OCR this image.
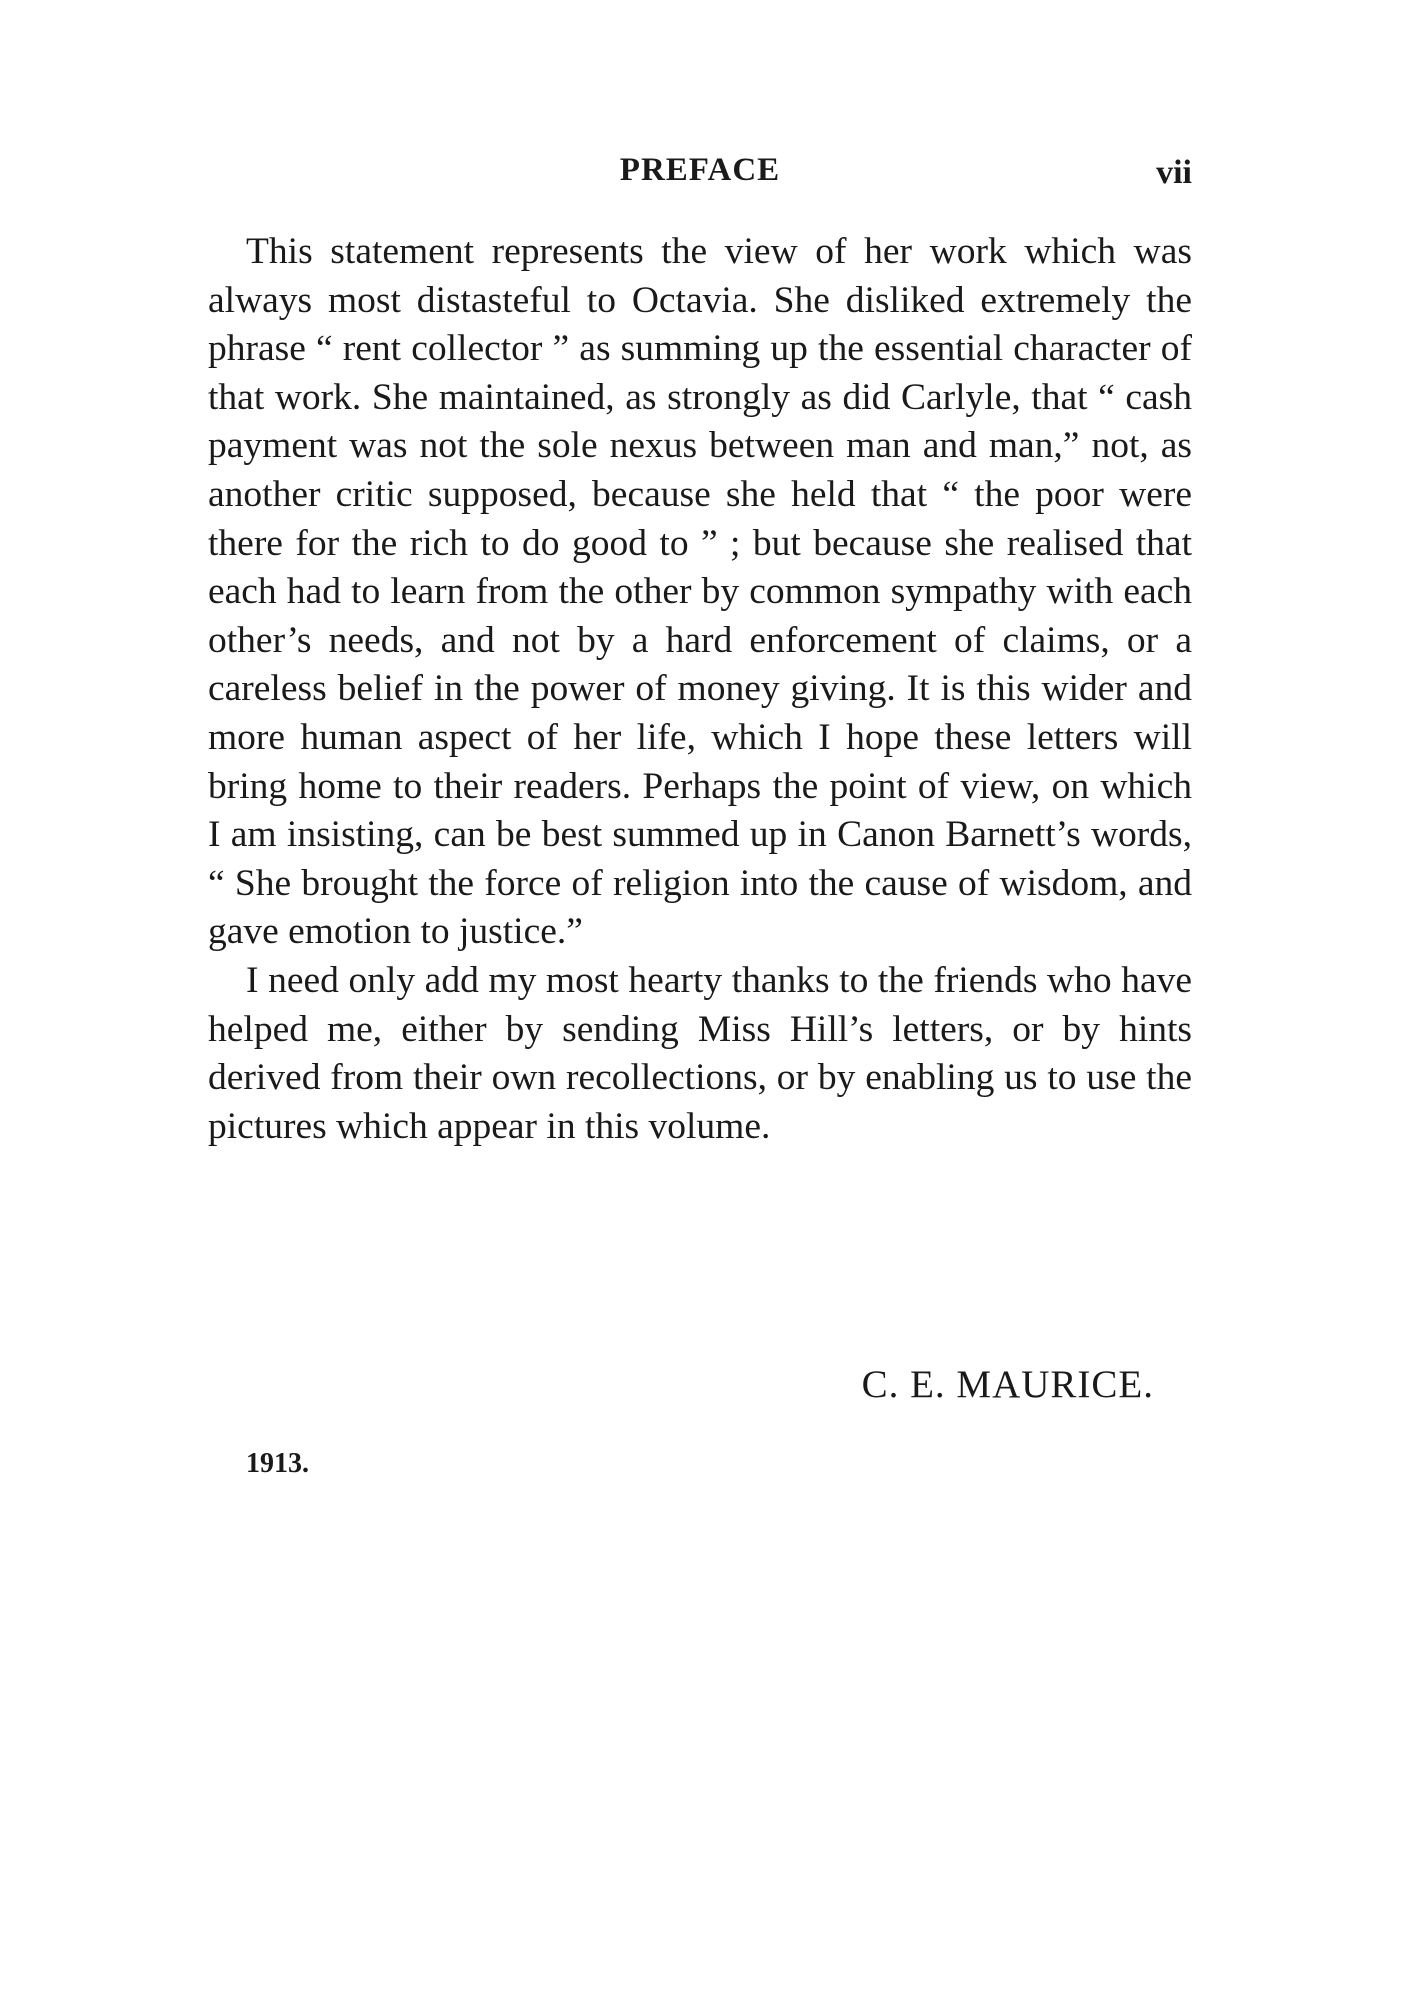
PREFACE	vii

This statement represents the view of her work which was always most distasteful to Octavia. She disliked extremely the phrase “ rent collector ” as summing up the essential character of that work. She maintained, as strongly as did Carlyle, that “ cash payment was not the sole nexus between man and man,” not, as another critic supposed, because she held that “ the poor were there for the rich to do good to ” ; but because she realised that each had to learn from the other by common sympathy with each other’s needs, and not by a hard enforcement of claims, or a careless belief in the power of money giving. It is this wider and more human aspect of her life, which I hope these letters will bring home to their readers. Perhaps the point of view, on which I am insisting, can be best summed up in Canon Barnett’s words, “ She brought the force of religion into the cause of wisdom, and gave emotion to justice.”

I need only add my most hearty thanks to the friends who have helped me, either by sending Miss Hill’s letters, or by hints derived from their own recollections, or by enabling us to use the pictures which appear in this volume.

C. E. MAURICE.
1913.
